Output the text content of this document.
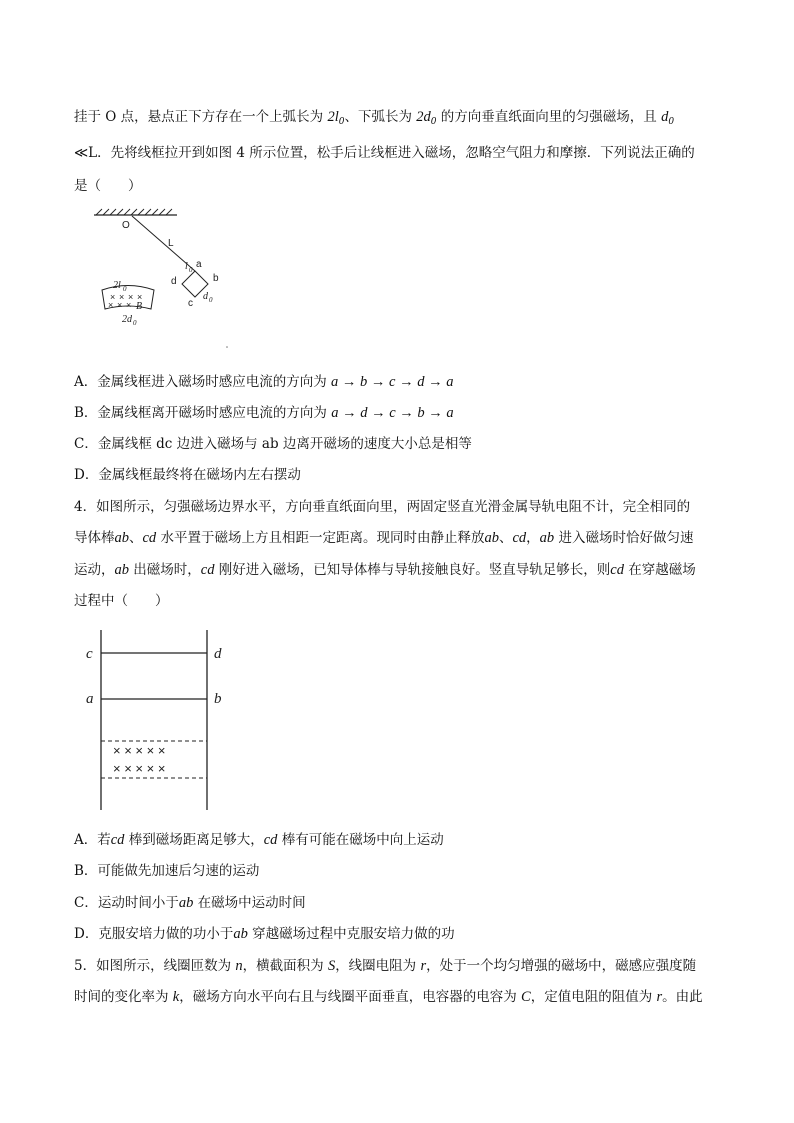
挂于 O 点，悬点正下方存在一个上弧长为 $2l_0$、下弧长为 $2d_0$ 的方向垂直纸面向里的匀强磁场，且 $d_0$
≪L．先将线框拉开到如图 4 所示位置，松手后让线框进入磁场，忽略空气阻力和摩擦．下列说法正确的
是（　　）
O
L
l 0 a
b
c
d
d 0
2l 0
2d 0
× × × ×
× × × B
A．金属线框进入磁场时感应电流的方向为 a → b → c → d → a
B．金属线框离开磁场时感应电流的方向为 a → d → c → b → a
C．金属线框 dc 边进入磁场与 ab 边离开磁场的速度大小总是相等
D．金属线框最终将在磁场内左右摆动
4．如图所示，匀强磁场边界水平，方向垂直纸面向里，两固定竖直光滑金属导轨电阻不计，完全相同的
导体棒ab、cd 水平置于磁场上方且相距一定距离。现同时由静止释放ab、cd，ab 进入磁场时恰好做匀速
运动，ab 出磁场时，cd 刚好进入磁场，已知导体棒与导轨接触良好。竖直导轨足够长，则cd 在穿越磁场
过程中（　　）
c	d
a	b
× × × × ×
× × × × ×
A．若cd 棒到磁场距离足够大，cd 棒有可能在磁场中向上运动
B．可能做先加速后匀速的运动
C．运动时间小于ab 在磁场中运动时间
D．克服安培力做的功小于ab 穿越磁场过程中克服安培力做的功
5．如图所示，线圈匝数为 n，横截面积为 S，线圈电阻为 r，处于一个均匀增强的磁场中，磁感应强度随
时间的变化率为 k，磁场方向水平向右且与线圈平面垂直，电容器的电容为 C，定值电阻的阻值为 r。由此
